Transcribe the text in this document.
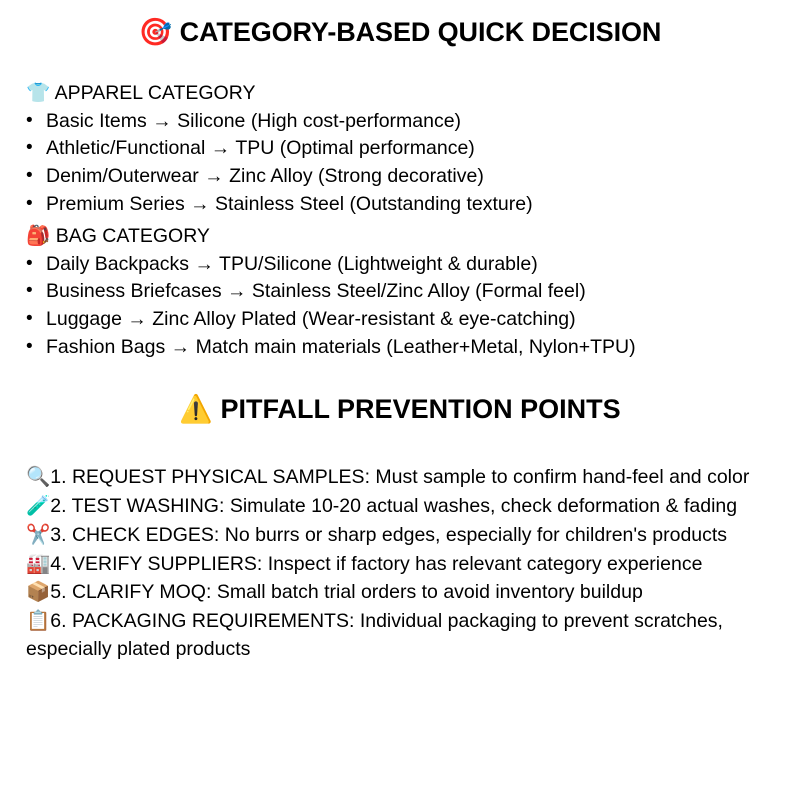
🎯 CATEGORY-BASED QUICK DECISION
👕 APPAREL CATEGORY
• Basic Items → Silicone (High cost-performance)
• Athletic/Functional → TPU (Optimal performance)
• Denim/Outerwear → Zinc Alloy (Strong decorative)
• Premium Series → Stainless Steel (Outstanding texture)
🎒 BAG CATEGORY
• Daily Backpacks → TPU/Silicone (Lightweight & durable)
• Business Briefcases → Stainless Steel/Zinc Alloy (Formal feel)
• Luggage → Zinc Alloy Plated (Wear-resistant & eye-catching)
• Fashion Bags → Match main materials (Leather+Metal, Nylon+TPU)
⚠️ PITFALL PREVENTION POINTS

🔍1. REQUEST PHYSICAL SAMPLES: Must sample to confirm hand-feel and color

🧪2. TEST WASHING: Simulate 10-20 actual washes, check deformation & fading

✂️3. CHECK EDGES: No burrs or sharp edges, especially for children's products

🏭4. VERIFY SUPPLIERS: Inspect if factory has relevant category experience

📦5. CLARIFY MOQ: Small batch trial orders to avoid inventory buildup

📋6. PACKAGING REQUIREMENTS: Individual packaging to prevent scratches, especially plated products
